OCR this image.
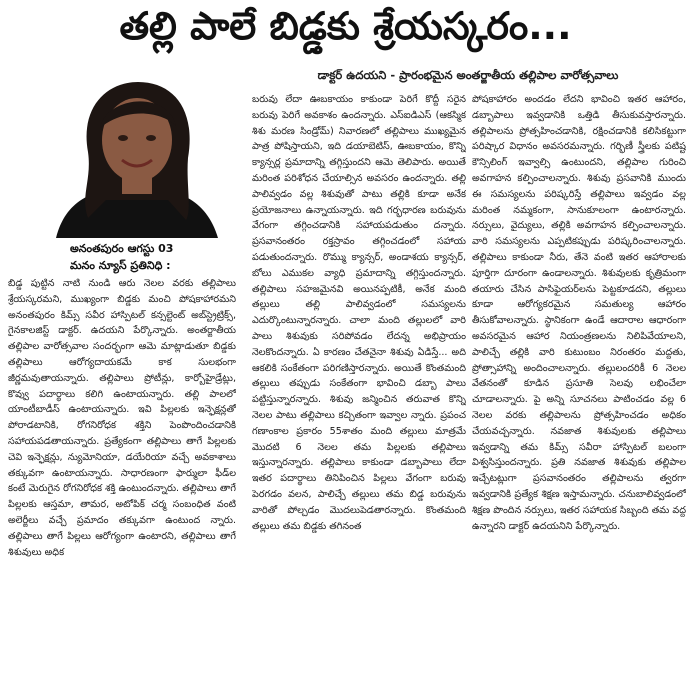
తల్లి పాలే బిడ్డకు శ్రేయస్కరం...
డాక్టర్ ఉదయని - ప్రారంభమైన అంతర్జాతీయ తల్లిపాల వారోత్సవాలు
అనంతపురం ఆగస్టు 03
మనం న్యూస్ ప్రతినిధి :

బిడ్డ పుట్టిన నాటి నుండి ఆరు నెలల వరకు తల్లిపాలు శ్రేయస్కరమని, ముఖ్యంగా బిడ్డకు మంచి పోషకాహారమని అనంతపురం కిమ్స్ సవీర హాస్పిటల్ కన్సల్టెంట్ అబ్‌స్ట్రెట్రిక్స్, గైనకాలజిస్ట్ డాక్టర్. ఉదయని పేర్కొన్నారు. అంతర్జాతీయ తల్లిపాల వారోత్సవాల సందర్భంగా ఆమె మాట్లాడుతూ బిడ్డకు తల్లిపాలు ఆరోగ్యదాయకమే కాక సులభంగా జీర్ణమవుతాయన్నారు. తల్లిపాలు ప్రోటీన్లు, కార్బోహైడ్రేట్లు, కొవ్వు పదార్థాలు కలిగి ఉంటాయన్నారు. తల్లి పాలలో యాంటీబాడీస్ ఉంటాయన్నారు. ఇవి పిల్లలకు ఇన్ఫెక్షన్లతో పోరాడటానికి, రోగనిరోధక శక్తిని పెంపొందించడానికి సహాయపడతాయన్నారు. ప్రత్యేకంగా తల్లిపాలు తాగే పిల్లలకు చెవి ఇన్ఫెక్షన్లు, న్యుమోనియా, డయేరియా వచ్చే అవకాశాలు తక్కువగా ఉంటాయన్నారు. సాధారణంగా ఫార్ములా ఫీడ్‌ల కంటే మెరుగైన రోగనిరోధక శక్తి ఉంటుందన్నారు. తల్లిపాలు తాగే పిల్లలకు ఆస్తమా, తామర, అటోపిక్ చర్మ సంబంధిత వంటి అలెర్జీలు వచ్చే ప్రమాదం తక్కువగా ఉంటుంద న్నారు. తల్లిపాలు తాగే పిల్లలు ఆరోగ్యంగా ఉంటారని, తల్లిపాలు తాగే శిశువులు అధిక

బరువు లేదా ఊబకాయం కాకుండా పెరిగే కొద్దీ సరైన బరువు పెరిగే అవకాశం ఉందన్నారు. ఎస్ఐడిఎస్ (ఆకస్మిక శిశు మరణ సిండ్రోమ్) నివారణలో తల్లిపాలు ముఖ్యమైన పాత్ర పోషిస్తాయని, ఇది డయాబెటిస్, ఊబకాయం, కొన్ని క్యాన్సర్ల ప్రమాదాన్ని తగ్గిస్తుందని ఆమె తెలిపారు. అయితే మరింత పరిశోధన చేయాల్సిన అవసరం ఉందన్నారు. తల్లి పాలివ్వడం వల్ల శిశువుతో పాటు తల్లికి కూడా అనేక ప్రయోజనాలు ఉన్నాయన్నారు. ఇది గర్భధారణ బరువును వేగంగా తగ్గించడానికి సహాయపడుతుం దన్నారు. ప్రసవానంతరం రక్తస్రావం తగ్గించడంలో సహాయ పడుతుందన్నారు. రొమ్ము క్యాన్సర్, అండాశయ క్యాన్సర్, బోలు ఎముకల వ్యాధి ప్రమాదాన్ని తగ్గిస్తుందన్నారు. తల్లిపాలు సహజమైనవి అయినప్పటికీ, అనేక మంది తల్లులు తల్లి పాలివ్వడంలో సమస్యలను ఎదుర్కొంటున్నారన్నారు. చాలా మంది తల్లులలో వారి పాలు శిశువుకు సరిపోవడం లేదన్న అభిప్రాయం నెలకొందన్నారు. ఏ కారణం చేతనైనా శిశువు ఏడిస్తే... అది ఆకలికి సంకేతంగా పరిగణిస్తారన్నారు. అయితే కొంతమంది తల్లులు తప్పుడు సంకేతంగా భావించి డబ్బా పాలు పట్టిస్తున్నారన్నారు. శిశువు జన్మించిన తరువాత కొన్ని నెలల పాటు తల్లిపాలు కచ్చితంగా ఇవ్వాల న్నారు. ప్రపంచ గణాంకాల ప్రకారం 55శాతం మంది తల్లులు మాత్రమే మొదటి 6 నెలల తమ పిల్లలకు తల్లిపాలు ఇస్తున్నారన్నారు. తల్లిపాలు కాకుండా డబ్బాపాలు లేదా ఇతర పదార్థాలు తినిపించిన పిల్లలు వేగంగా బరువు పెరగడం వలన, పాలిచ్చే తల్లులు తమ బిడ్డ బరువును వారితో పోల్చడం మొదలుపెడతారన్నారు. కొంతమంది తల్లులు తమ బిడ్డకు తగినంత

పోషకాహారం అందడం లేదని భావించి ఇతర ఆహారం, డబ్బాపాలు ఇవ్వడానికి ఒత్తిడి తీసుకువస్తారన్నారు. తల్లిపాలను ప్రోత్సహించడానికి, రక్షించడానికి కలిసికట్టుగా పరిష్కార విధానం అవసరమన్నారు. గర్భిణీ స్త్రీలకు పటిష్ట కౌన్సిలింగ్ ఇవ్వాల్సి ఉంటుందని, తల్లిపాల గురించి అవగాహన కల్పించాలన్నారు. శిశువు ప్రసవానికి ముందు ఈ సమస్యలను పరిష్కరిస్తే తల్లిపాలు ఇవ్వడం వల్ల మరింత నమ్మకంగా, సానుకూలంగా ఉంటారన్నారు. నర్సులు, వైద్యులు, తల్లికి అవగాహన కల్పించాలన్నారు. వారి సమస్యలను ఎప్పటికప్పుడు పరిష్కరించాలన్నారు. తల్లిపాలు కాకుండా నీరు, తేనె వంటి ఇతర ఆహారాలకు పూర్తిగా దూరంగా ఉండాలన్నారు. శిశువులకు కృత్రిమంగా తయారు చేసిన పాసిఫైయర్‌లను పెట్టకూడదని, తల్లులు కూడా ఆరోగ్యకరమైన సమతుల్య ఆహారం తీసుకోవాలన్నారు. స్థానికంగా ఉండే ఆదారాల ఆధారంగా అవసరమైన ఆహార నియంత్రణలను నిలిపివేయాలని, పాలిచ్చే తల్లికి వారి కుటుంబం నిరంతరం మద్దతు, ప్రోత్సాహాన్ని అందించాలన్నారు. తల్లులందరికీ 6 నెలల వేతనంతో కూడిన ప్రసూతి సెలవు లభించేలా చూడాలన్నారు. పై అన్ని సూచనలు పాటించడం వల్ల 6 నెలల వరకు తల్లిపాలను ప్రోత్సహించడం అధికం చేయవచ్చన్నారు. నవజాత శిశువులకు తల్లిపాలు ఇవ్వడాన్ని తమ కిమ్స్ సవీరా హాస్పిటల్ బలంగా విశ్వసిస్తుందన్నారు. ప్రతి నవజాత శిశువుకు తల్లిపాల ఇచ్చేటట్లుగా ప్రసవానంతరం తల్లిపాలను త్వరగా ఇవ్వడానికి ప్రత్యేక శిక్షణ ఇస్తామన్నారు. చనుబాలివ్వడంలో శిక్షణ పొందిన నర్సులు, ఇతర సహాయక సిబ్బంది తమ వద్ద ఉన్నారని డాక్టర్ ఉదయనిని పేర్కొన్నారు.
